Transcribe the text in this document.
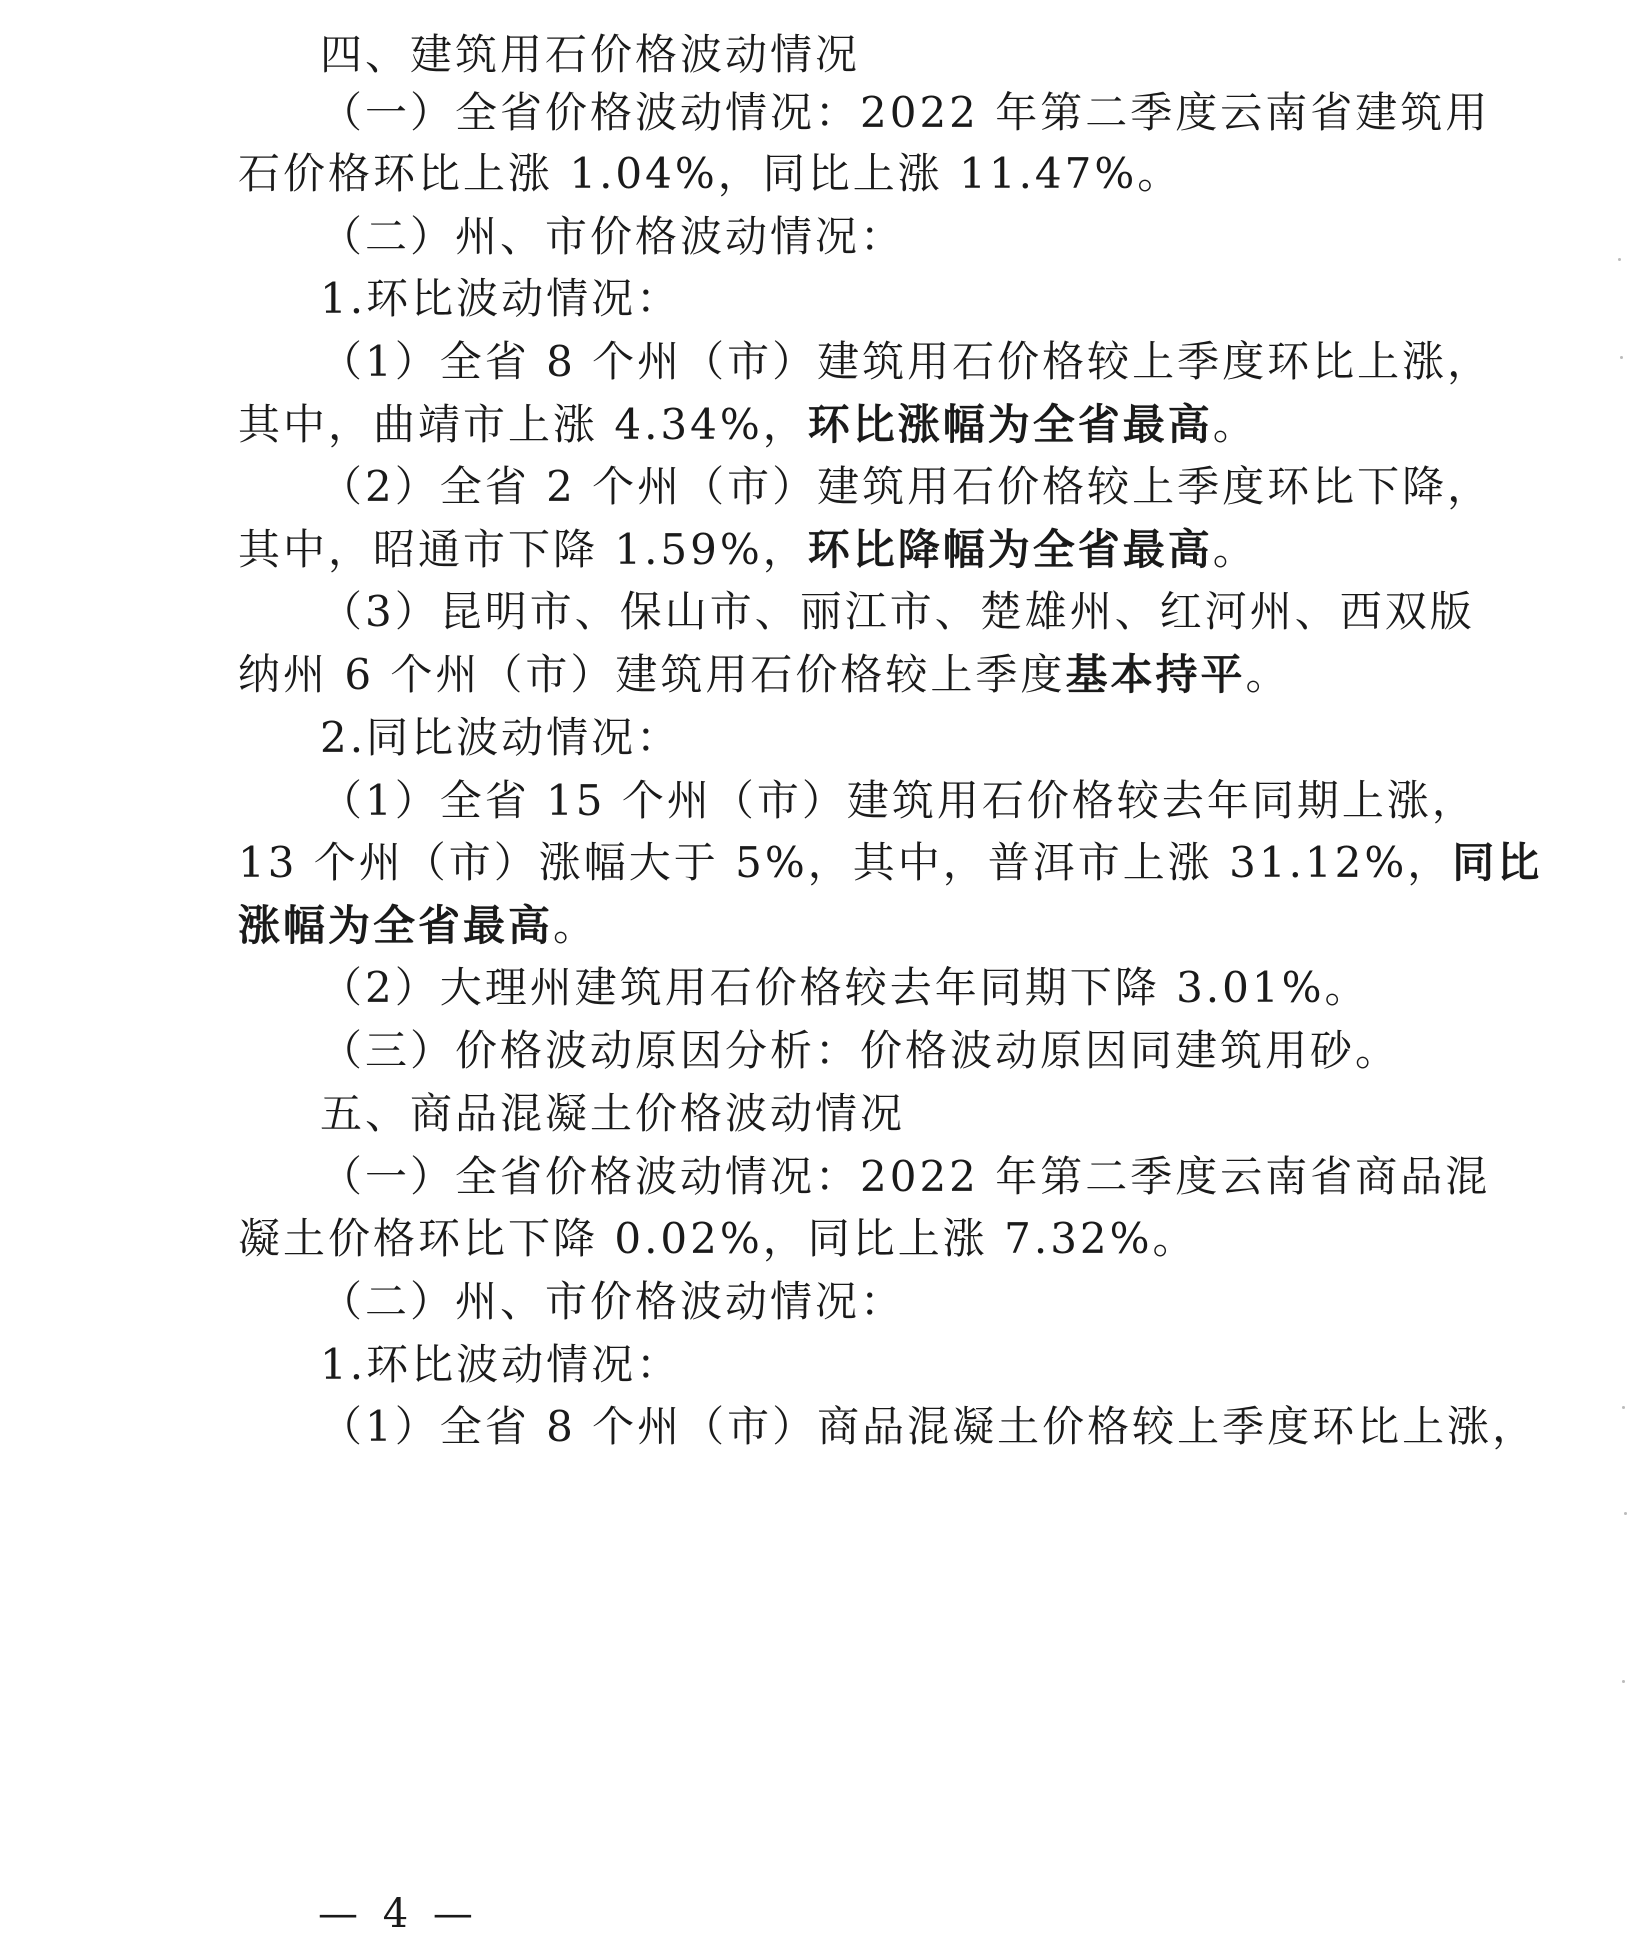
四、建筑用石价格波动情况
（一）全省价格波动情况：2022 年第二季度云南省建筑用
石价格环比上涨 1.04%，同比上涨 11.47%。
（二）州、市价格波动情况：
1.环比波动情况：
（1）全省 8 个州（市）建筑用石价格较上季度环比上涨，
其中，曲靖市上涨 4.34%，环比涨幅为全省最高。
（2）全省 2 个州（市）建筑用石价格较上季度环比下降，
其中，昭通市下降 1.59%，环比降幅为全省最高。
（3）昆明市、保山市、丽江市、楚雄州、红河州、西双版
纳州 6 个州（市）建筑用石价格较上季度基本持平。
2.同比波动情况：
（1）全省 15 个州（市）建筑用石价格较去年同期上涨，
13 个州（市）涨幅大于 5%，其中，普洱市上涨 31.12%，同比
涨幅为全省最高。
（2）大理州建筑用石价格较去年同期下降 3.01%。
（三）价格波动原因分析：价格波动原因同建筑用砂。
五、商品混凝土价格波动情况
（一）全省价格波动情况：2022 年第二季度云南省商品混
凝土价格环比下降 0.02%，同比上涨 7.32%。
（二）州、市价格波动情况：
1.环比波动情况：
（1）全省 8 个州（市）商品混凝土价格较上季度环比上涨，
— 4 —
